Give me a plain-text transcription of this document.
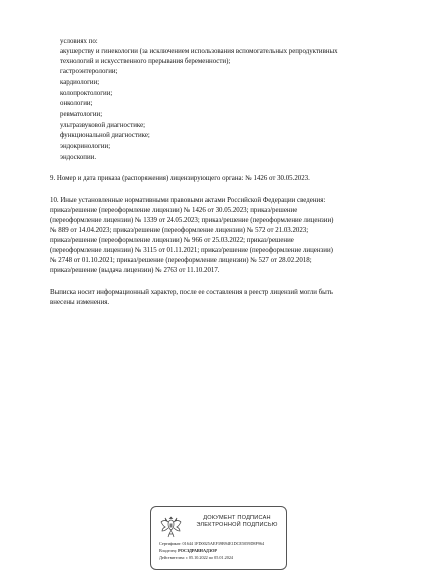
условиях по:
акушерству и гинекологии (за исключением использования вспомогательных репродуктивных
технологий и искусственного прерывания беременности);
гастроэнтерологии;
кардиологии;
колопроктологии;
онкологии;
ревматологии;
ультразвуковой диагностике;
функциональной диагностике;
эндокринологии;
эндоскопии.
9. Номер и дата приказа (распоряжения) лицензирующего органа: № 1426 от 30.05.2023.
10. Иные установленные нормативными правовыми актами Российской Федерации сведения:
приказ/решение (переоформление лицензии) № 1426 от 30.05.2023; приказ/решение
(переоформление лицензии) № 1339 от 24.05.2023; приказ/решение (переоформление лицензии)
№ 889 от 14.04.2023; приказ/решение (переоформление лицензии) № 572 от 21.03.2023;
приказ/решение (переоформление лицензии) № 966 от 25.03.2022; приказ/решение
(переоформление лицензии) № 3115 от 01.11.2021; приказ/решение (переоформление лицензии)
№ 2748 от 01.10.2021; приказ/решение (переоформление лицензии) № 527 от 28.02.2018;
приказ/решение (выдача лицензии) № 2763 от 11.10.2017.
Выписка носит информационный характер, после ее составления в реестр лицензий могли быть
внесены изменения.
ДОКУМЕНТ ПОДПИСАН
ЭЛЕКТРОННОЙ ПОДПИСЬЮ
Сертификат: 01644 1FD0025AEF39B94E1DCE5059D8F964
Владелец: РОСЗДРАВНАДЗОР
Действителен: с 05.10.2022 по 05.01.2024
